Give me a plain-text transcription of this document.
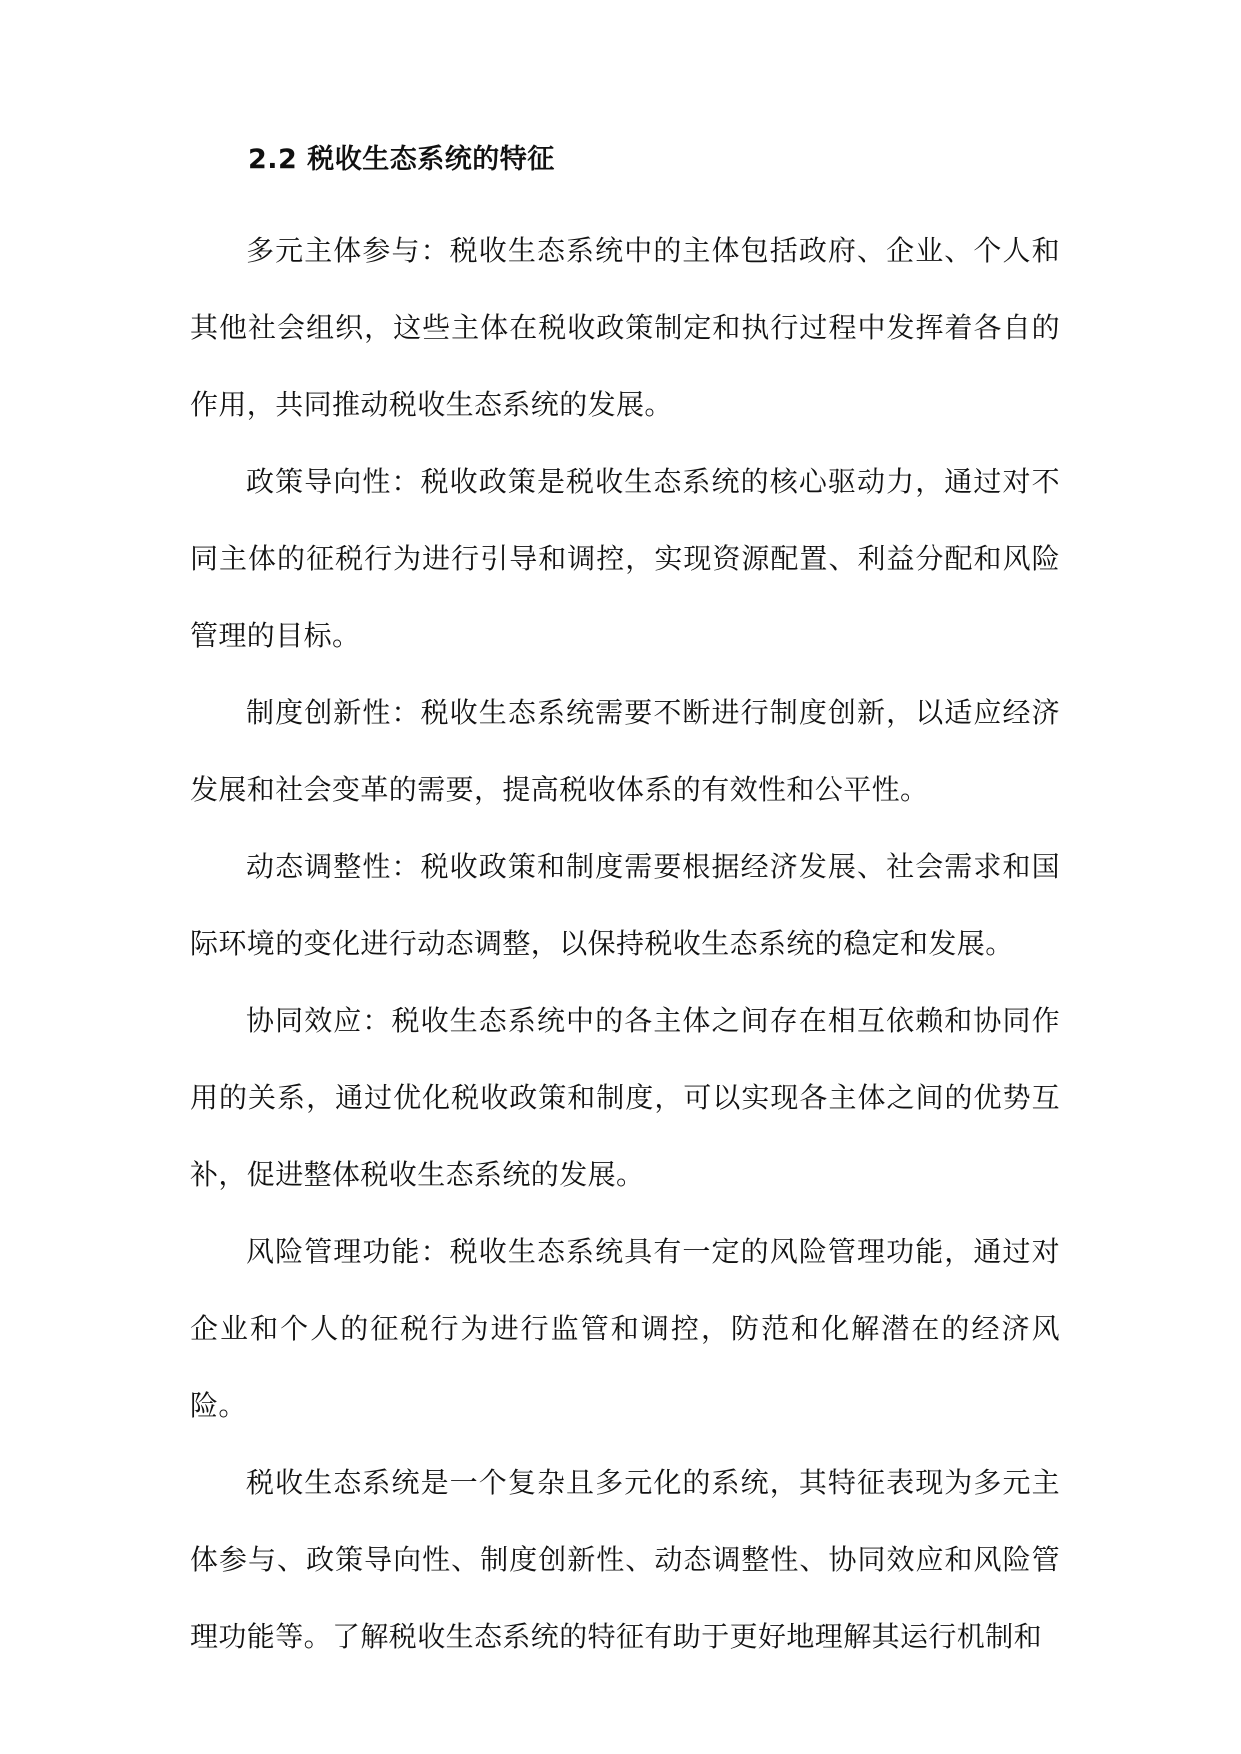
2.2 税收生态系统的特征

多元主体参与：税收生态系统中的主体包括政府、企业、个人和其他社会组织，这些主体在税收政策制定和执行过程中发挥着各自的作用，共同推动税收生态系统的发展。

政策导向性：税收政策是税收生态系统的核心驱动力，通过对不同主体的征税行为进行引导和调控，实现资源配置、利益分配和风险管理的目标。

制度创新性：税收生态系统需要不断进行制度创新，以适应经济发展和社会变革的需要，提高税收体系的有效性和公平性。

动态调整性：税收政策和制度需要根据经济发展、社会需求和国际环境的变化进行动态调整，以保持税收生态系统的稳定和发展。

协同效应：税收生态系统中的各主体之间存在相互依赖和协同作用的关系，通过优化税收政策和制度，可以实现各主体之间的优势互补，促进整体税收生态系统的发展。

风险管理功能：税收生态系统具有一定的风险管理功能，通过对企业和个人的征税行为进行监管和调控，防范和化解潜在的经济风险。

税收生态系统是一个复杂且多元化的系统，其特征表现为多元主体参与、政策导向性、制度创新性、动态调整性、协同效应和风险管理功能等。了解税收生态系统的特征有助于更好地理解其运行机制和
